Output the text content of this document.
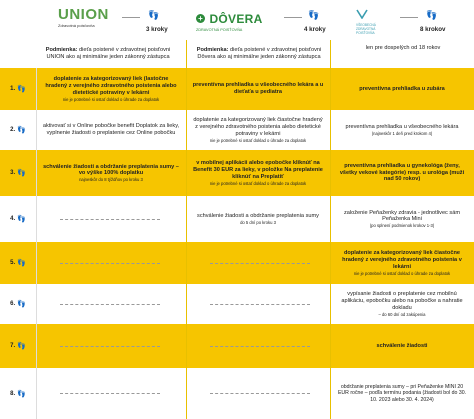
UNION
Zdravotná poisťovňa
👣
3 kroky
+ DÔVERA
ZDRAVOTNÁ POISŤOVŇA
👣
4 kroky
VŠEOBECNÁ
ZDRAVOTNÁ
POISŤOVŇA
👣
8 krokov
Podmienka: dieťa poistené v zdravotnej poisťovni UNION ako aj minimálne jeden zákonný zástupca
Podmienka: dieťa poistené v zdravotnej poisťovni Dôvera ako aj minimálne jeden zákonný zástupca
len pre dospelých od 18 rokov
1. 👣
2. 👣
3. 👣
4. 👣
5. 👣
6. 👣
7. 👣
8. 👣
doplatenie za kategorizovaný liek (lastočne hradený z verejného zdravotného poistenia alebo dietetické potraviny v lekárni
nie je potrebné si ostať doklad o úhrade za doplatok
preventívna prehliadka u všeobecného lekára a u dieťaťa u pediatra
preventívna prehliadka u zubára
aktivovať si v Online pobočke benefit Doplatok za lieky, vyplnenie žiadosti o preplatenie cez Online pobočku
doplatenie za kategorizovaný liek čiastočne hradený z verejného zdravotného poistenia alebo dietetické potraviny v lekárni
nie je potrebné si ostať doklad o úhrade za doplatok
preventívna prehliadka u všeobecného lekára
(najneskôr 1 deň pred krokom 4)
schválenie žiadosti a obdržanie preplatenia sumy – vo výške 100% doplatku
najneskôr do 8 týždňov po kroku 3
v mobilnej aplikácii alebo epobočke kliknúť na Benefit 30 EUR za lieky, v položke Na preplatenie kliknúť na Preplatiť
nie je potrebné si ostať doklad o úhrade za doplatok
preventívna prehliadka u gynekológa (ženy, všetky vekové kategórie) resp. u urológa (muži nad 50 rokov)
schválenie žiadosti a obdržanie preplatenia sumy
do 5 dní po kroku 3
založenie Peňaženky zdravia - jednotlivec sám Peňaženka Mini
(po splnení podmienok krokov 1-3)
doplatenie za kategorizovaný liek čiastočne hradený z verejného zdravotného poistenia v lekárni
nie je potrebné si ostať doklad o úhrade za doplatok
vypísanie žiadosti o preplatenie cez mobilnú aplikáciu, epobočku alebo na pobočke a nahratie dokladu
– do 60 dní od zakúpenia
schválenie žiadosti
obdržanie preplatenia sumy – pri Peňaženke MINI 20 EUR ročne – podľa termínu podania (žiadosti bol do 30. 10. 2023 alebo 30. 4. 2024)
